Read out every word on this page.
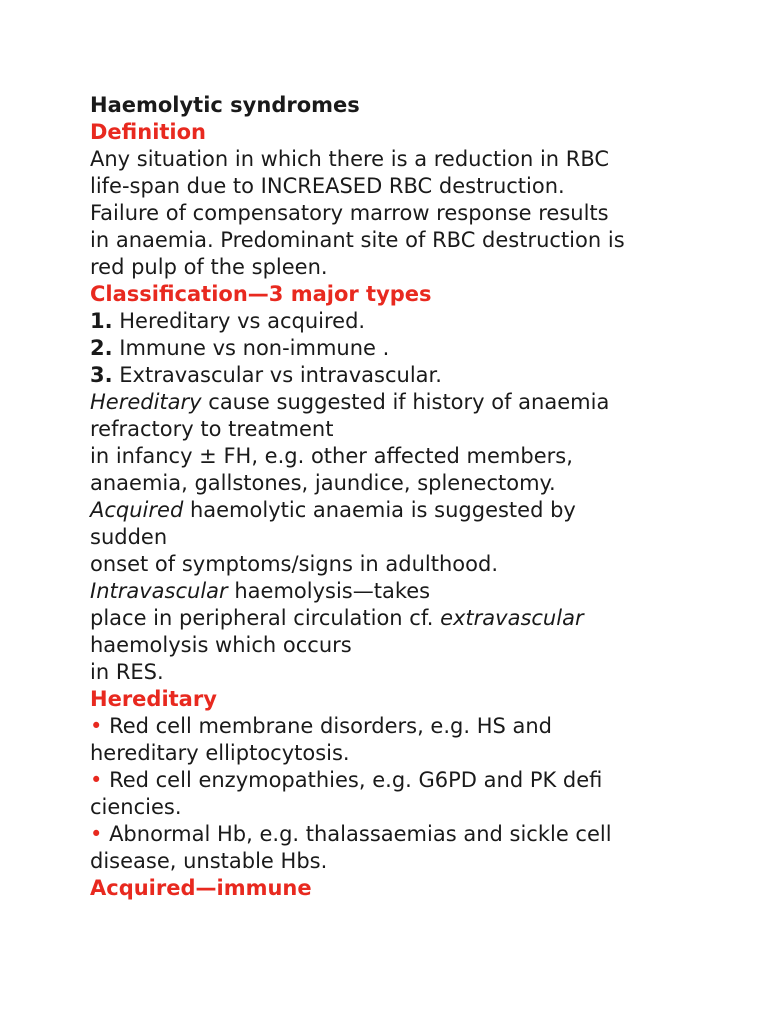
Haemolytic syndromes
Definition
Any situation in which there is a reduction in RBC
life-span due to INCREASED RBC destruction.
Failure of compensatory marrow response results
in anaemia. Predominant site of RBC destruction is
red pulp of the spleen.
Classification—3 major types
1. Hereditary vs acquired.
2. Immune vs non-immune .
3. Extravascular vs intravascular.
Hereditary cause suggested if history of anaemia
refractory to treatment
in infancy ± FH, e.g. other affected members,
anaemia, gallstones, jaundice, splenectomy.
Acquired haemolytic anaemia is suggested by
sudden
onset of symptoms/signs in adulthood.
Intravascular haemolysis—takes
place in peripheral circulation cf. extravascular
haemolysis which occurs
in RES.
Hereditary
• Red cell membrane disorders, e.g. HS and
hereditary elliptocytosis.
• Red cell enzymopathies, e.g. G6PD and PK defi
ciencies.
• Abnormal Hb, e.g. thalassaemias and sickle cell
disease, unstable Hbs.
Acquired—immune
